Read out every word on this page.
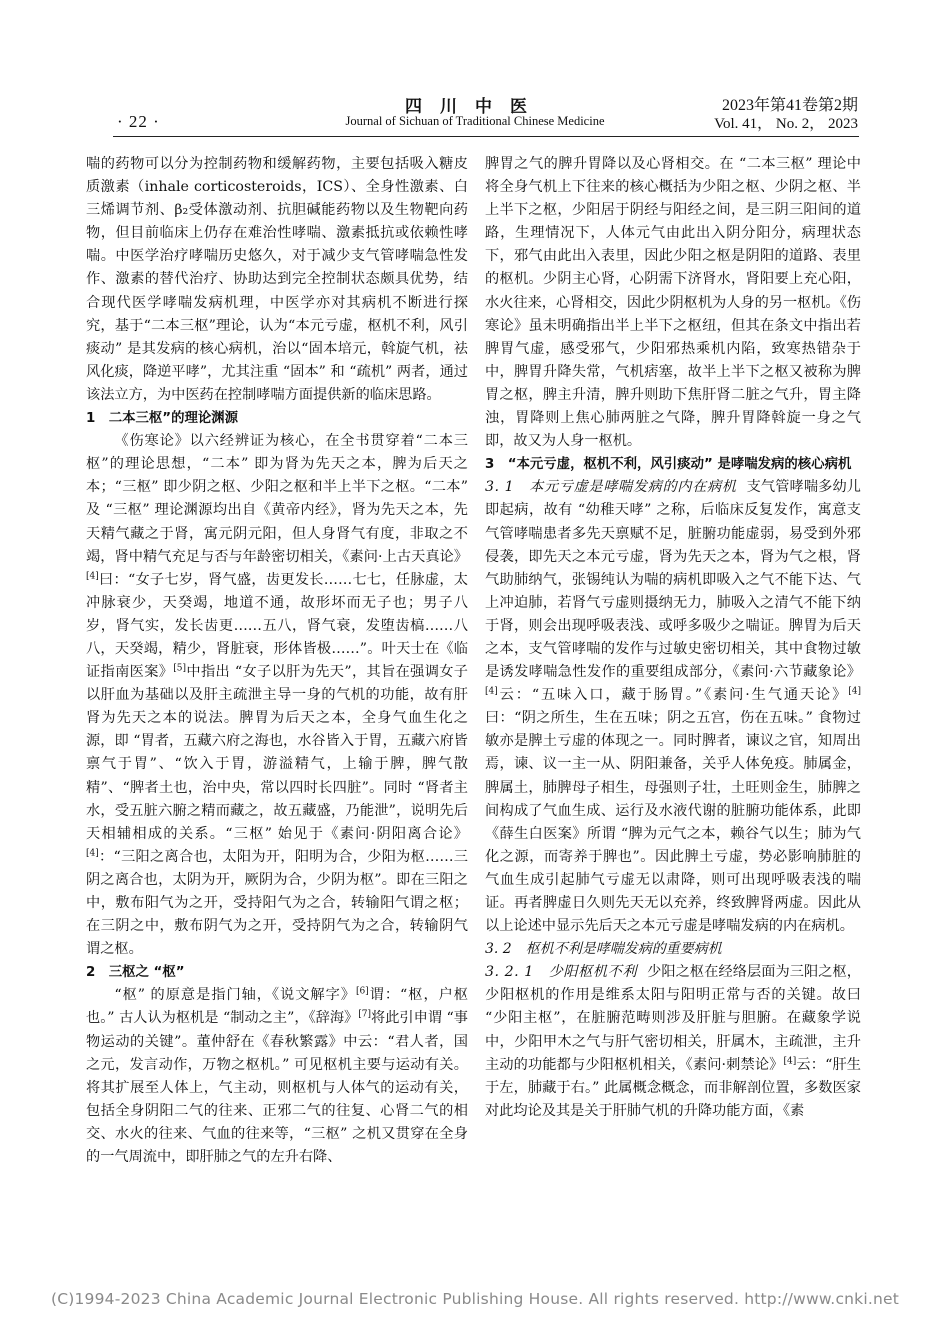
· 22 ·
四川中医
Journal of Sichuan of Traditional Chinese Medicine
2023年第41卷第2期
Vol. 41， No. 2， 2023

喘的药物可以分为控制药物和缓解药物，主要包括吸入糖皮质激素（inhale corticosteroids，ICS）、全身性激素、白三烯调节剂、β₂受体激动剂、抗胆碱能药物以及生物靶向药物，但目前临床上仍存在难治性哮喘、激素抵抗或依赖性哮喘。中医学治疗哮喘历史悠久，对于减少支气管哮喘急性发作、激素的替代治疗、协助达到完全控制状态颇具优势，结合现代医学哮喘发病机理，中医学亦对其病机不断进行探究，基于“二本三枢”理论，认为“本元亏虚，枢机不利，风引痰动” 是其发病的核心病机，治以“固本培元，斡旋气机，祛风化痰，降逆平哮”，尤其注重 “固本” 和 “疏机” 两者，通过该法立方，为中医药在控制哮喘方面提供新的临床思路。

1　二本三枢”的理论渊源

《伤寒论》以六经辨证为核心，在全书贯穿着“二本三枢”的理论思想，“二本” 即为肾为先天之本，脾为后天之本；“三枢” 即少阴之枢、少阳之枢和半上半下之枢。“二本” 及 “三枢” 理论渊源均出自《黄帝内经》，肾为先天之本，先天精气藏之于肾，寓元阴元阳，但人身肾气有度，非取之不竭，肾中精气充足与否与年龄密切相关，《素问·上古天真论》[4]曰：“女子七岁，肾气盛，齿更发长……七七，任脉虚，太冲脉衰少，天癸竭，地道不通，故形坏而无子也；男子八岁，肾气实，发长齿更……五八，肾气衰，发堕齿槁……八八，天癸竭，精少，肾脏衰，形体皆极……”。叶天士在《临证指南医案》[5]中指出 “女子以肝为先天”，其旨在强调女子以肝血为基础以及肝主疏泄主导一身的气机的功能，故有肝肾为先天之本的说法。脾胃为后天之本，全身气血生化之源，即 “胃者，五藏六府之海也，水谷皆入于胃，五藏六府皆禀气于胃”、“饮入于胃，游溢精气，上输于脾，脾气散精”、“脾者土也，治中央，常以四时长四脏”。同时 “肾者主水，受五脏六腑之精而藏之，故五藏盛，乃能泄”，说明先后天相辅相成的关系。“三枢” 始见于《素问·阴阳离合论》[4]：“三阳之离合也，太阳为开，阳明为合，少阳为枢……三阴之离合也，太阴为开，厥阴为合，少阴为枢”。即在三阳之中，敷布阳气为之开，受持阳气为之合，转输阳气谓之枢；在三阴之中，敷布阴气为之开，受持阴气为之合，转输阴气谓之枢。

2　三枢之 “枢”

“枢” 的原意是指门轴，《说文解字》[6]谓：“枢，户枢也。” 古人认为枢机是 “制动之主”，《辞海》[7]将此引申谓 “事物运动的关键”。董仲舒在《春秋繁露》中云：“君人者，国之元，发言动作，万物之枢机。” 可见枢机主要与运动有关。将其扩展至人体上，气主动，则枢机与人体气的运动有关，包括全身阴阳二气的往来、正邪二气的往复、心肾二气的相交、水火的往来、气血的往来等，“三枢” 之机又贯穿在全身的一气周流中，即肝肺之气的左升右降、

脾胃之气的脾升胃降以及心肾相交。在 “二本三枢” 理论中将全身气机上下往来的核心概括为少阳之枢、少阴之枢、半上半下之枢，少阳居于阴经与阳经之间，是三阴三阳间的道路，生理情况下，人体元气由此出入阴分阳分，病理状态下，邪气由此出入表里，因此少阳之枢是阴阳的道路、表里的枢机。少阴主心肾，心阴需下济肾水，肾阳要上充心阳，水火往来，心肾相交，因此少阴枢机为人身的另一枢机。《伤寒论》虽未明确指出半上半下之枢纽，但其在条文中指出若脾胃气虚，感受邪气，少阳邪热乘机内陷，致寒热错杂于中，脾胃升降失常，气机痞塞，故半上半下之枢又被称为脾胃之枢，脾主升清，脾升则助下焦肝肾二脏之气升，胃主降浊，胃降则上焦心肺两脏之气降，脾升胃降斡旋一身之气即，故又为人身一枢机。

3　“本元亏虚，枢机不利，风引痰动” 是哮喘发病的核心病机

3. 1　本元亏虚是哮喘发病的内在病机 支气管哮喘多幼儿即起病，故有 “幼稚天哮” 之称，后临床反复发作，寓意支气管哮喘患者多先天禀赋不足，脏腑功能虚弱，易受到外邪侵袭，即先天之本元亏虚，肾为先天之本，肾为气之根，肾气助肺纳气，张锡纯认为喘的病机即吸入之气不能下达、气上冲迫肺，若肾气亏虚则摄纳无力，肺吸入之清气不能下纳于肾，则会出现呼吸表浅、或呼多吸少之喘证。脾胃为后天之本，支气管哮喘的发作与过敏史密切相关，其中食物过敏是诱发哮喘急性发作的重要组成部分，《素问·六节藏象论》[4]云：“五味入口，藏于肠胃。”《素问·生气通天论》[4]曰：“阴之所生，生在五味；阴之五宫，伤在五味。” 食物过敏亦是脾土亏虚的体现之一。同时脾者，谏议之官，知周出焉，谏、议一主一从、阴阳兼备，关乎人体免疫。肺属金，脾属土，肺脾母子相生，母强则子壮，土旺则金生，肺脾之间构成了气血生成、运行及水液代谢的脏腑功能体系，此即《薛生白医案》所谓 “脾为元气之本，赖谷气以生；肺为气化之源，而寄养于脾也”。因此脾土亏虚，势必影响肺脏的气血生成引起肺气亏虚无以肃降，则可出现呼吸表浅的喘证。再者脾虚日久则先天无以充养，终致脾肾两虚。因此从以上论述中显示先后天之本元亏虚是哮喘发病的内在病机。

3. 2　枢机不利是哮喘发病的重要病机

3. 2. 1　少阳枢机不利 少阳之枢在经络层面为三阳之枢，少阳枢机的作用是维系太阳与阳明正常与否的关键。故曰 “少阳主枢”，在脏腑范畴则涉及肝脏与胆腑。在藏象学说中，少阳甲木之气与肝气密切相关，肝属木，主疏泄，主升主动的功能都与少阳枢机相关，《素问·刺禁论》[4]云：“肝生于左，肺藏于右。” 此属概念概念，而非解剖位置，多数医家对此均论及其是关于肝肺气机的升降功能方面，《素

(C)1994-2023 China Academic Journal Electronic Publishing House. All rights reserved. http://www.cnki.net
